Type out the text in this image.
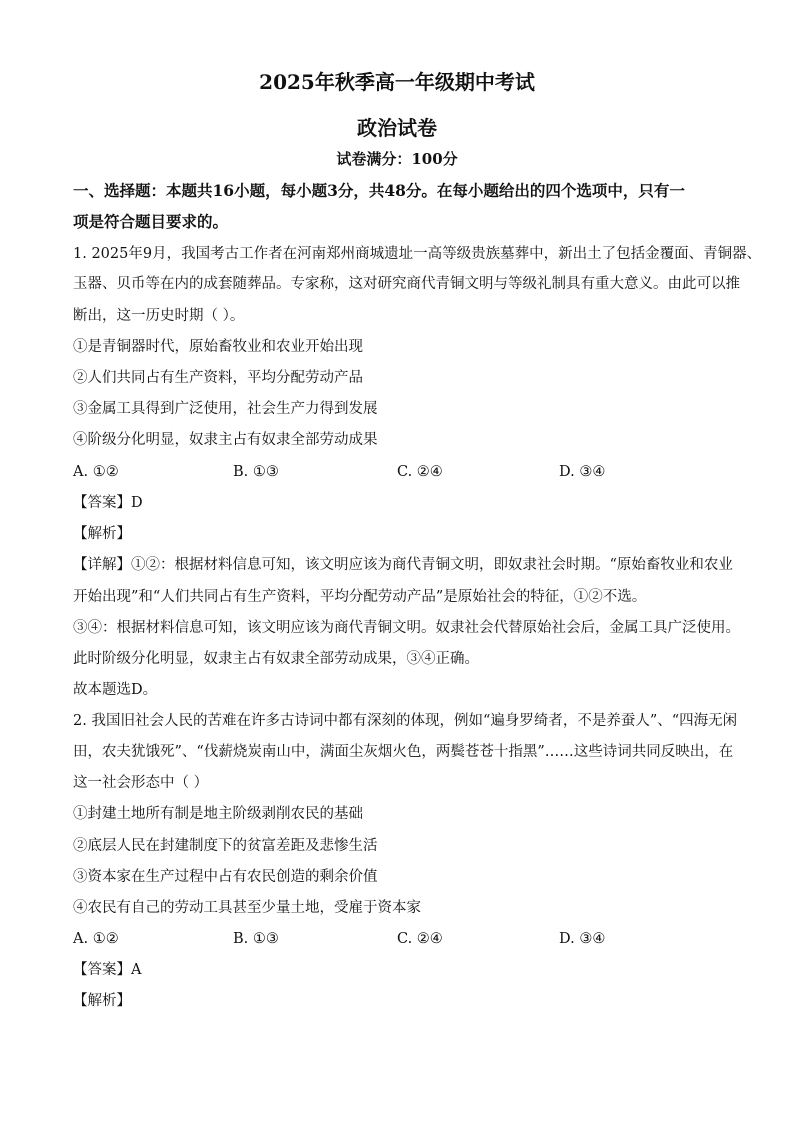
2025年秋季高一年级期中考试
政治试卷
试卷满分：100分
一、选择题：本题共16小题，每小题3分，共48分。在每小题给出的四个选项中，只有一
项是符合题目要求的。
1. 2025年9月，我国考古工作者在河南郑州商城遗址一高等级贵族墓葬中，新出土了包括金覆面、青铜器、
玉器、贝币等在内的成套随葬品。专家称，这对研究商代青铜文明与等级礼制具有重大意义。由此可以推
断出，这一历史时期（ ）。
①是青铜器时代，原始畜牧业和农业开始出现
②人们共同占有生产资料，平均分配劳动产品
③金属工具得到广泛使用，社会生产力得到发展
④阶级分化明显，奴隶主占有奴隶全部劳动成果
A. ①②	B. ①③	C. ②④	D. ③④
【答案】D
【解析】
【详解】①②：根据材料信息可知，该文明应该为商代青铜文明，即奴隶社会时期。“原始畜牧业和农业
开始出现”和“人们共同占有生产资料，平均分配劳动产品”是原始社会的特征，①②不选。
③④：根据材料信息可知，该文明应该为商代青铜文明。奴隶社会代替原始社会后，金属工具广泛使用。
此时阶级分化明显，奴隶主占有奴隶全部劳动成果，③④正确。
故本题选D。
2. 我国旧社会人民的苦难在许多古诗词中都有深刻的体现，例如“遍身罗绮者，不是养蚕人”、“四海无闲
田，农夫犹饿死”、“伐薪烧炭南山中，满面尘灰烟火色，两鬓苍苍十指黑”……这些诗词共同反映出，在
这一社会形态中（ ）
①封建土地所有制是地主阶级剥削农民的基础
②底层人民在封建制度下的贫富差距及悲惨生活
③资本家在生产过程中占有农民创造的剩余价值
④农民有自己的劳动工具甚至少量土地，受雇于资本家
A. ①②	B. ①③	C. ②④	D. ③④
【答案】A
【解析】
